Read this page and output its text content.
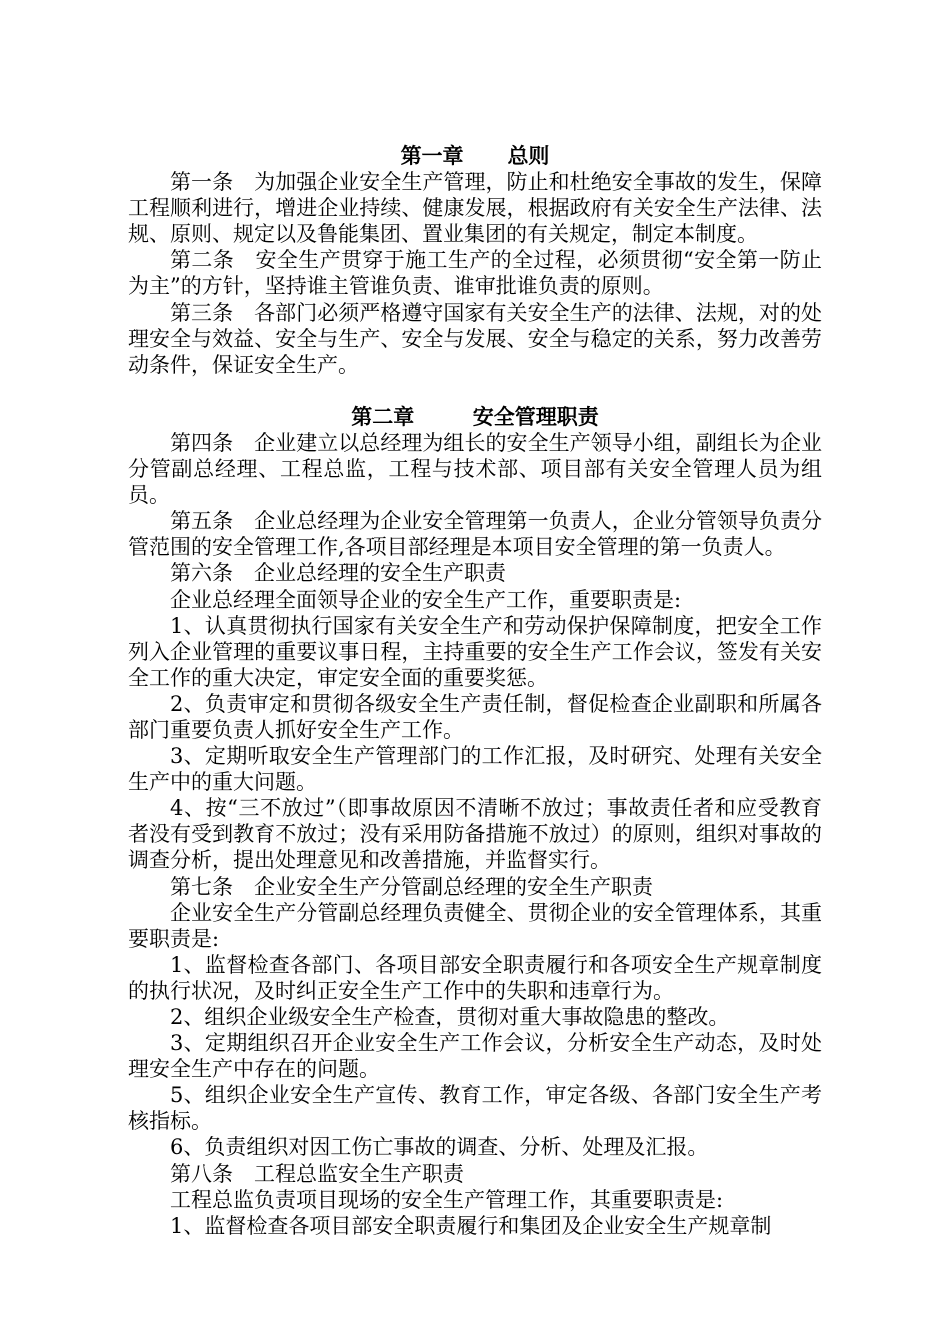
第一章 总则

第一条　为加强企业安全生产管理，防止和杜绝安全事故的发生，保障工程顺利进行，增进企业持续、健康发展，根据政府有关安全生产法律、法规、原则、规定以及鲁能集团、置业集团的有关规定，制定本制度。

第二条　安全生产贯穿于施工生产的全过程，必须贯彻“安全第一防止为主”的方针，坚持谁主管谁负责、谁审批谁负责的原则。

第三条　各部门必须严格遵守国家有关安全生产的法律、法规，对的处理安全与效益、安全与生产、安全与发展、安全与稳定的关系，努力改善劳动条件，保证安全生产。

第二章	安全管理职责

第四条　企业建立以总经理为组长的安全生产领导小组，副组长为企业分管副总经理、工程总监，工程与技术部、项目部有关安全管理人员为组员。

第五条　企业总经理为企业安全管理第一负责人，企业分管领导负责分管范围的安全管理工作,各项目部经理是本项目安全管理的第一负责人。

第六条　企业总经理的安全生产职责

企业总经理全面领导企业的安全生产工作，重要职责是:

1、认真贯彻执行国家有关安全生产和劳动保护保障制度，把安全工作列入企业管理的重要议事日程，主持重要的安全生产工作会议，签发有关安全工作的重大决定，审定安全面的重要奖惩。

2、负责审定和贯彻各级安全生产责任制，督促检查企业副职和所属各部门重要负责人抓好安全生产工作。

3、定期听取安全生产管理部门的工作汇报，及时研究、处理有关安全生产中的重大问题。

4、按“三不放过”（即事故原因不清晰不放过；事故责任者和应受教育者没有受到教育不放过；没有采用防备措施不放过）的原则，组织对事故的调查分析，提出处理意见和改善措施，并监督实行。

第七条　企业安全生产分管副总经理的安全生产职责

企业安全生产分管副总经理负责健全、贯彻企业的安全管理体系，其重要职责是:

1、监督检查各部门、各项目部安全职责履行和各项安全生产规章制度的执行状况，及时纠正安全生产工作中的失职和违章行为。

2、组织企业级安全生产检查，贯彻对重大事故隐患的整改。

3、定期组织召开企业安全生产工作会议，分析安全生产动态，及时处理安全生产中存在的问题。

5、组织企业安全生产宣传、教育工作，审定各级、各部门安全生产考核指标。

6、负责组织对因工伤亡事故的调查、分析、处理及汇报。

第八条　工程总监安全生产职责

工程总监负责项目现场的安全生产管理工作，其重要职责是:

1、监督检查各项目部安全职责履行和集团及企业安全生产规章制
